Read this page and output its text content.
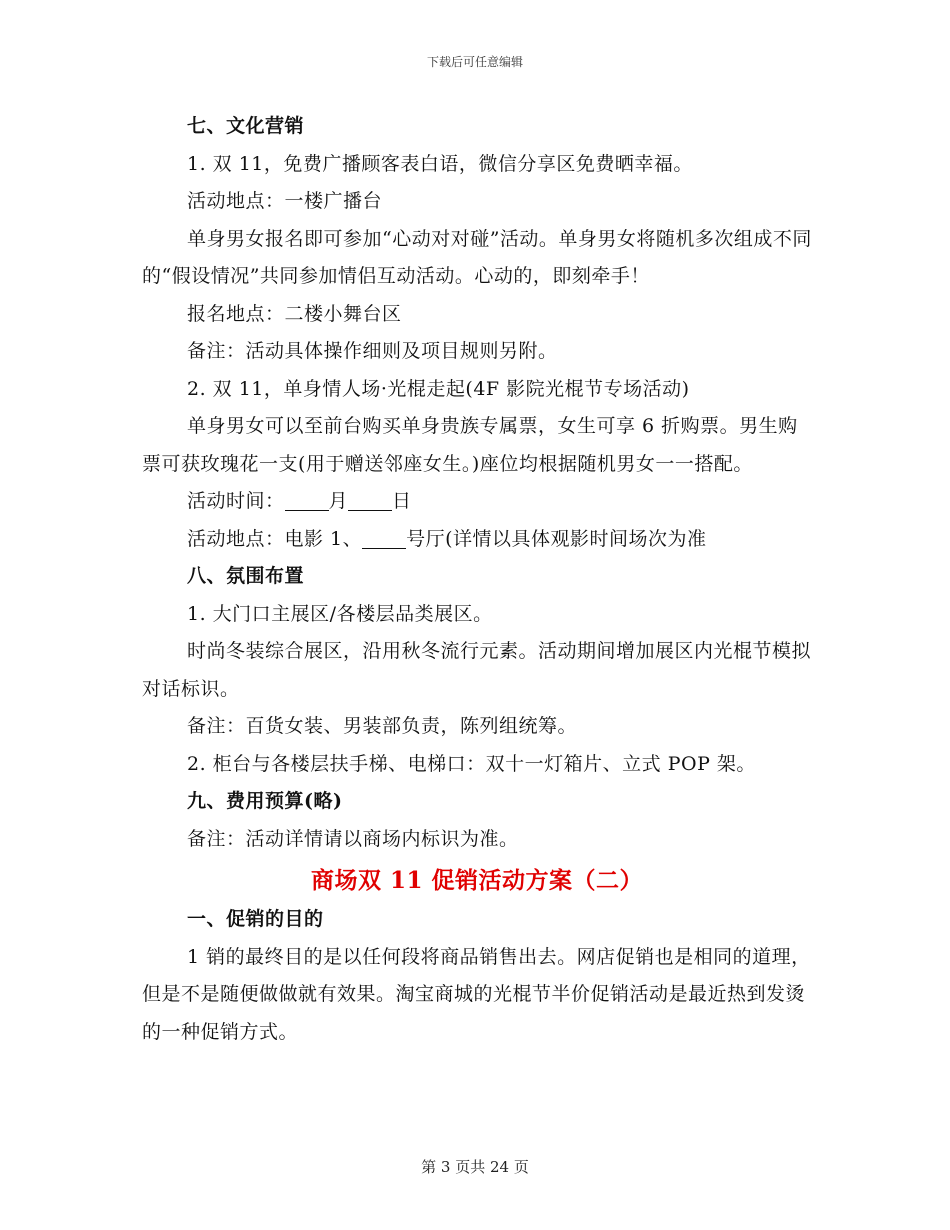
下载后可任意编辑

七、文化营销

1. 双 11，免费广播顾客表白语，微信分享区免费晒幸福。

活动地点：一楼广播台

单身男女报名即可参加“心动对对碰”活动。单身男女将随机多次组成不同的“假设情况”共同参加情侣互动活动。心动的，即刻牵手！

报名地点：二楼小舞台区

备注：活动具体操作细则及项目规则另附。

2. 双 11，单身情人场·光棍走起(4F 影院光棍节专场活动)

单身男女可以至前台购买单身贵族专属票，女生可享 6 折购票。男生购票可获玫瑰花一支(用于赠送邻座女生。)座位均根据随机男女一一搭配。

活动时间： 月 日

活动地点：电影 1、 号厅(详情以具体观影时间场次为准

八、氛围布置

1. 大门口主展区/各楼层品类展区。

时尚冬装综合展区，沿用秋冬流行元素。活动期间增加展区内光棍节模拟对话标识。

备注：百货女装、男装部负责，陈列组统筹。

2. 柜台与各楼层扶手梯、电梯口：双十一灯箱片、立式 POP 架。

九、费用预算(略)

备注：活动详情请以商场内标识为准。

商场双 11 促销活动方案（二）

一、促销的目的

1 销的最终目的是以任何段将商品销售出去。网店促销也是相同的道理，但是不是随便做做就有效果。淘宝商城的光棍节半价促销活动是最近热到发烫的一种促销方式。

第 3 页共 24 页
